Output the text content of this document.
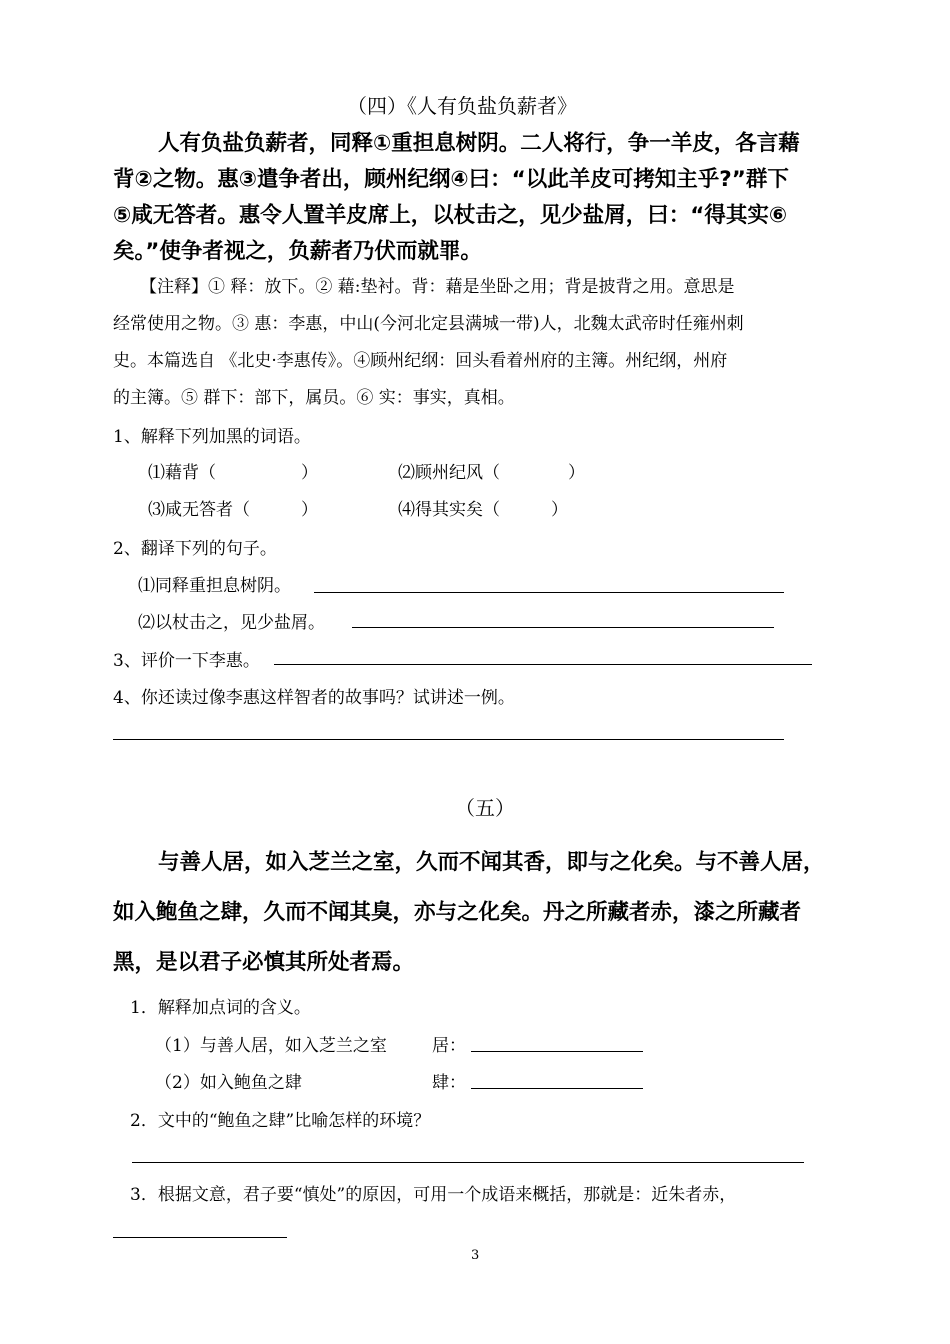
（四）《人有负盐负薪者》
人有负盐负薪者，同释①重担息树阴。二人将行，争一羊皮，各言藉
背②之物。惠③遣争者出，顾州纪纲④曰：“以此羊皮可拷知主乎?”群下
⑤咸无答者。惠令人置羊皮席上，以杖击之，见少盐屑，曰：“得其实⑥
矣。”使争者视之，负薪者乃伏而就罪。
【注释】① 释：放下。② 藉:垫衬。背：藉是坐卧之用；背是披背之用。意思是
经常使用之物。③ 惠：李惠，中山(今河北定县满城一带)人，北魏太武帝时任雍州刺
史。本篇选自 《北史·李惠传》。④顾州纪纲：回头看着州府的主簿。州纪纲，州府
的主簿。⑤ 群下：部下，属员。⑥ 实：事实，真相。
1、解释下列加黑的词语。
⑴藉背（　　　　　）	⑵顾州纪风（　　　　）
⑶咸无答者（　　　）	⑷得其实矣（　　　）
2、翻译下列的句子。
⑴同释重担息树阴。
⑵以杖击之，见少盐屑。
3、评价一下李惠。
4、你还读过像李惠这样智者的故事吗？试讲述一例。
（五）
与善人居，如入芝兰之室，久而不闻其香，即与之化矣。与不善人居，
如入鲍鱼之肆，久而不闻其臭，亦与之化矣。丹之所藏者赤，漆之所藏者
黑，是以君子必慎其所处者焉。
1．解释加点词的含义。
（1）与善人居，如入芝兰之室	居：
（2）如入鲍鱼之肆	肆：
2．文中的“鲍鱼之肆”比喻怎样的环境？
3．根据文意，君子要“慎处”的原因，可用一个成语来概括，那就是：近朱者赤，
3
